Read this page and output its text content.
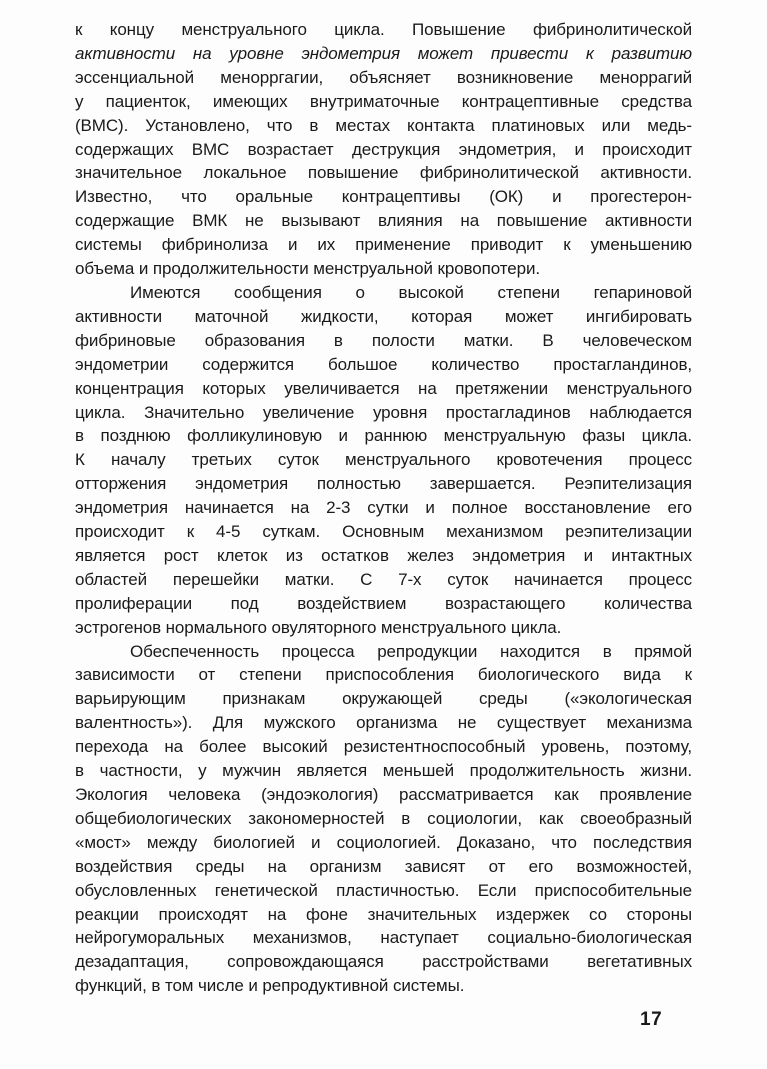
к концу менструального цикла. Повышение фибринолитической
активности на уровне эндометрия может привести к развитию
эссенциальной менорргагии, объясняет возникновение меноррагий
у пациенток, имеющих внутриматочные контрацептивные средства
(ВМС). Установлено, что в местах контакта платиновых или медь-
содержащих ВМС возрастает деструкция эндометрия, и происходит
значительное локальное повышение фибринолитической активности.
Известно, что оральные контрацептивы (ОК) и прогестерон-
содержащие ВМК не вызывают влияния на повышение активности
системы фибринолиза и их применение приводит к уменьшению
объема и продолжительности менструальной кровопотери.

Имеются сообщения о высокой степени гепариновой
активности маточной жидкости, которая может ингибировать
фибриновые образования в полости матки. В человеческом
эндометрии содержится большое количество простагландинов,
концентрация которых увеличивается на претяжении менструального
цикла. Значительно увеличение уровня простагладинов наблюдается
в позднюю фолликулиновую и раннюю менструальную фазы цикла.
К началу третьих суток менструального кровотечения процесс
отторжения эндометрия полностью завершается. Реэпителизация
эндометрия начинается на 2-3 сутки и полное восстановление его
происходит к 4-5 суткам. Основным механизмом реэпителизации
является рост клеток из остатков желез эндометрия и интактных
областей перешейки матки. С 7-х суток начинается процесс
пролиферации под воздействием возрастающего количества
эстрогенов нормального овуляторного менструального цикла.

Обеспеченность процесса репродукции находится в прямой
зависимости от степени приспособления биологического вида к
варьирующим признакам окружающей среды («экологическая
валентность»). Для мужского организма не существует механизма
перехода на более высокий резистентноспособный уровень, поэтому,
в частности, у мужчин является меньшей продолжительность жизни.
Экология человека (эндоэкология) рассматривается как проявление
общебиологических закономерностей в социологии, как своеобразный
«мост» между биологией и социологией. Доказано, что последствия
воздействия среды на организм зависят от его возможностей,
обусловленных генетической пластичностью. Если приспособительные
реакции происходят на фоне значительных издержек со стороны
нейрогуморальных механизмов, наступает социально-биологическая
дезадаптация, сопровождающаяся расстройствами вегетативных
функций, в том числе и репродуктивной системы.

17
